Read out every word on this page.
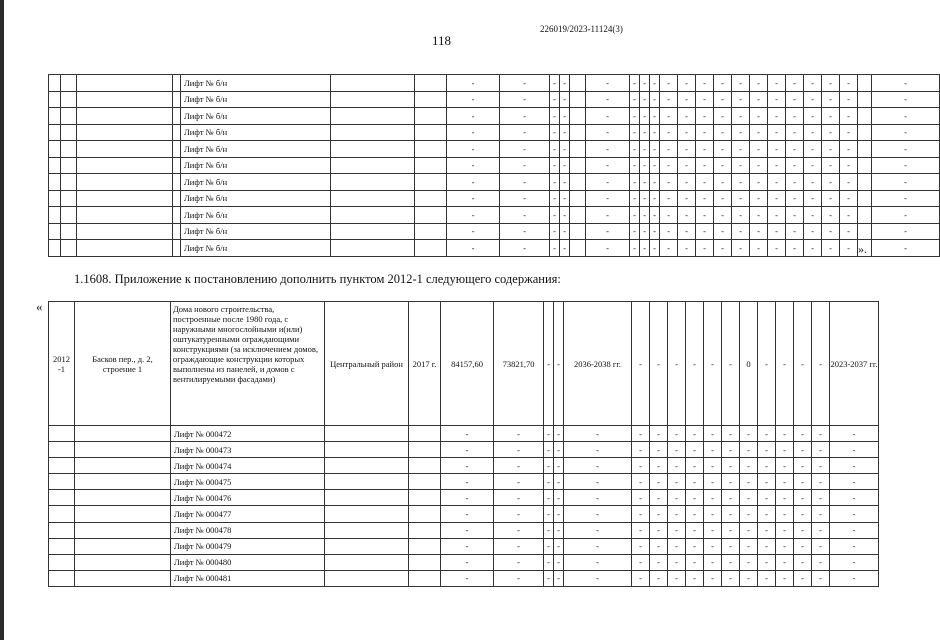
226019/2023-11124(3)
118
				Лифт № б/н			-	-	-	-		-	-	-	-	-	-	-	-	-	-	-	-	-	-	-		-
				Лифт № б/н			-	-	-	-		-	-	-	-	-	-	-	-	-	-	-	-	-	-	-		-
				Лифт № б/н			-	-	-	-		-	-	-	-	-	-	-	-	-	-	-	-	-	-	-		-
				Лифт № б/н			-	-	-	-		-	-	-	-	-	-	-	-	-	-	-	-	-	-	-		-
				Лифт № б/н			-	-	-	-		-	-	-	-	-	-	-	-	-	-	-	-	-	-	-		-
				Лифт № б/н			-	-	-	-		-	-	-	-	-	-	-	-	-	-	-	-	-	-	-		-
				Лифт № б/н			-	-	-	-		-	-	-	-	-	-	-	-	-	-	-	-	-	-	-		-
				Лифт № б/н			-	-	-	-		-	-	-	-	-	-	-	-	-	-	-	-	-	-	-		-
				Лифт № б/н			-	-	-	-		-	-	-	-	-	-	-	-	-	-	-	-	-	-	-		-
				Лифт № б/н			-	-	-	-		-	-	-	-	-	-	-	-	-	-	-	-	-	-	-		-
				Лифт № б/н			-	-	-	-		-	-	-	-	-	-	-	-	-	-	-	-	-	-	-		-
».
1.1608. Приложение к постановлению дополнить пунктом 2012-1 следующего содержания:
«
2012 -1	Басков пер., д. 2, строение 1	Дома нового строительства, построенные после 1980 года, с наружными многослойными и(или) оштукатуренными ограждающими конструкциями (за исключением домов, ограждающие конструкции которых выполнены из панелей, и домов с вентилируемыми фасадами)	Центральный район	2017 г.	84157,60	73821,70	-	-	2036-2038 гг.	-	-	-	-	-	-	0	-	-	-	-	2023-2037 гг.
		Лифт № 000472			-	-	-	-	-	-	-	-	-	-	-	-	-	-	-	-	-
		Лифт № 000473			-	-	-	-	-	-	-	-	-	-	-	-	-	-	-	-	-
		Лифт № 000474			-	-	-	-	-	-	-	-	-	-	-	-	-	-	-	-	-
		Лифт № 000475			-	-	-	-	-	-	-	-	-	-	-	-	-	-	-	-	-
		Лифт № 000476			-	-	-	-	-	-	-	-	-	-	-	-	-	-	-	-	-
		Лифт № 000477			-	-	-	-	-	-	-	-	-	-	-	-	-	-	-	-	-
		Лифт № 000478			-	-	-	-	-	-	-	-	-	-	-	-	-	-	-	-	-
		Лифт № 000479			-	-	-	-	-	-	-	-	-	-	-	-	-	-	-	-	-
		Лифт № 000480			-	-	-	-	-	-	-	-	-	-	-	-	-	-	-	-	-
		Лифт № 000481			-	-	-	-	-	-	-	-	-	-	-	-	-	-	-	-	-
